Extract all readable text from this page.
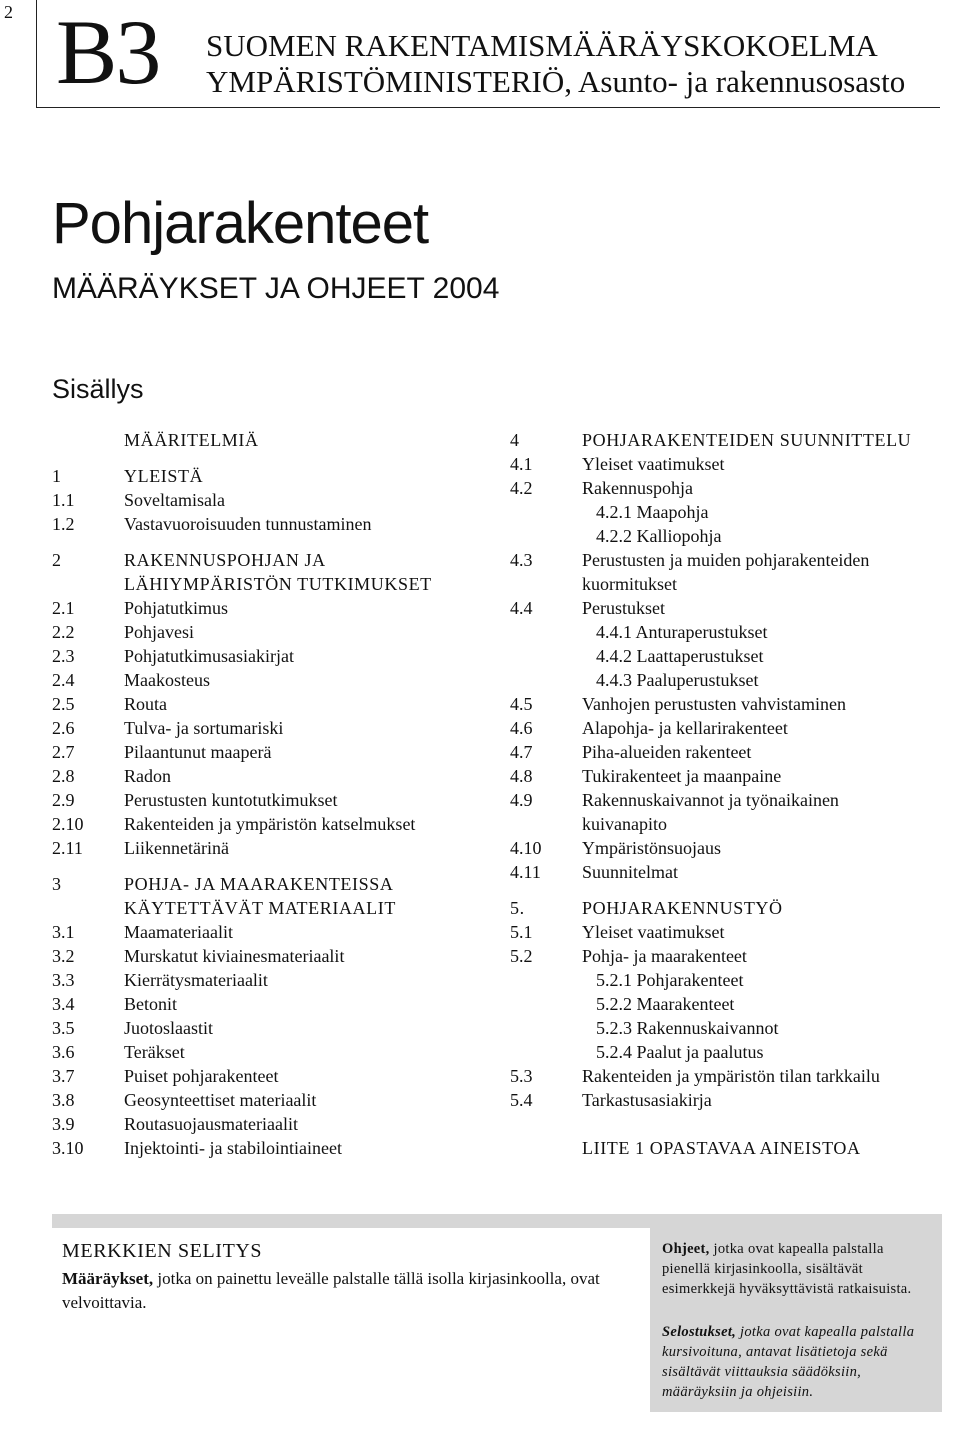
2 B3 SUOMEN RAKENTAMISMÄÄRÄYSKOKOELMA
YMPÄRISTÖMINISTERIÖ, Asunto- ja rakennusosasto
Pohjarakenteet
MÄÄRÄYKSET JA OHJEET 2004
Sisällys
MÄÄRITELMIÄ
1	YLEISTÄ
1.1	Soveltamisala
1.2	Vastavuoroisuuden tunnustaminen
2	RAKENNUSPOHJAN JA
LÄHIYMPÄRISTÖN TUTKIMUKSET
2.1	Pohjatutkimus
2.2	Pohjavesi
2.3	Pohjatutkimusasiakirjat
2.4	Maakosteus
2.5	Routa
2.6	Tulva- ja sortumariski
2.7	Pilaantunut maaperä
2.8	Radon
2.9	Perustusten kuntotutkimukset
2.10 Rakenteiden ja ympäristön katselmukset
2.11 Liikennetärinä
3	POHJA- JA MAARAKENTEISSA
KÄYTETTÄVÄT MATERIAALIT
3.1	Maamateriaalit
3.2	Murskatut kiviainesmateriaalit
3.3	Kierrätysmateriaalit
3.4	Betonit
3.5	Juotoslaastit
3.6	Teräkset
3.7	Puiset pohjarakenteet
3.8	Geosynteettiset materiaalit
3.9	Routasuojausmateriaalit
3.10 Injektointi- ja stabilointiaineet
4	POHJARAKENTEIDEN SUUNNITTELU
4.1	Yleiset vaatimukset
4.2	Rakennuspohja
4.2.1 Maapohja
4.2.2 Kalliopohja
4.3	Perustusten ja muiden pohjarakenteiden
kuormitukset
4.4	Perustukset
4.4.1 Anturaperustukset
4.4.2 Laattaperustukset
4.4.3 Paaluperustukset
4.5	Vanhojen perustusten vahvistaminen
4.6	Alapohja- ja kellarirakenteet
4.7	Piha-alueiden rakenteet
4.8	Tukirakenteet ja maanpaine
4.9	Rakennuskaivannot ja työnaikainen
kuivanapito
4.10 Ympäristönsuojaus
4.11 Suunnitelmat
5.	POHJARAKENNUSTYÖ
5.1	Yleiset vaatimukset
5.2	Pohja- ja maarakenteet
5.2.1 Pohjarakenteet
5.2.2 Maarakenteet
5.2.3 Rakennuskaivannot
5.2.4 Paalut ja paalutus
5.3	Rakenteiden ja ympäristön tilan tarkkailu
5.4	Tarkastusasiakirja
LIITE 1 OPASTAVAA AINEISTOA
MERKKIEN SELITYS
Määräykset, jotka on painettu leveälle palstalle tällä isolla kirjasinkoolla, ovat velvoittavia.
Ohjeet, jotka ovat kapealla palstalla pienellä kirjasinkoolla, sisältävät esimerkkejä hyväksyttävistä ratkaisuista.
Selostukset, jotka ovat kapealla palstalla kursivoituna, antavat lisätietoja sekä sisältävät viittauksia säädöksiin, määräyksiin ja ohjeisiin.
